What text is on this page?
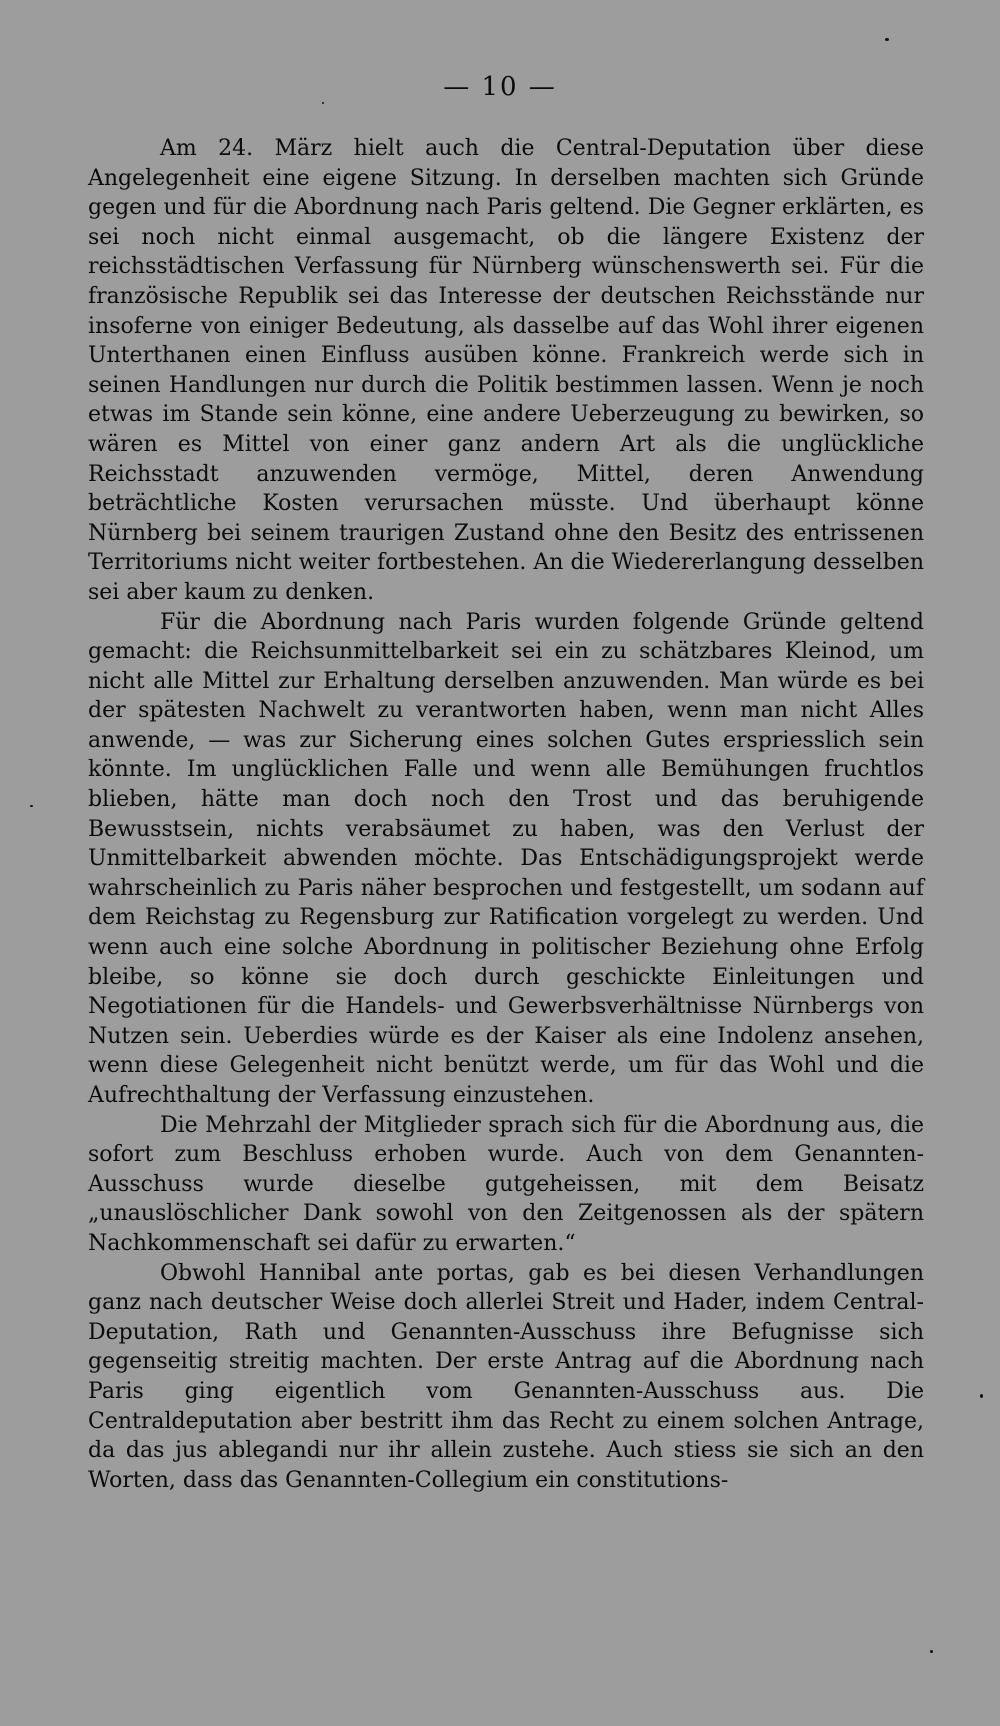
— 10 —

Am 24. März hielt auch die Central-Deputation über diese Angelegenheit eine eigene Sitzung. In derselben machten sich Gründe gegen und für die Abordnung nach Paris geltend. Die Gegner erklärten, es sei noch nicht einmal ausgemacht, ob die längere Existenz der reichsstädtischen Verfassung für Nürnberg wünschenswerth sei. Für die französische Republik sei das Interesse der deutschen Reichsstände nur insoferne von einiger Bedeutung, als dasselbe auf das Wohl ihrer eigenen Unterthanen einen Einfluss ausüben könne. Frankreich werde sich in seinen Handlungen nur durch die Politik bestimmen lassen. Wenn je noch etwas im Stande sein könne, eine andere Ueberzeugung zu bewirken, so wären es Mittel von einer ganz andern Art als die unglückliche Reichsstadt anzuwenden vermöge, Mittel, deren Anwendung beträchtliche Kosten verursachen müsste. Und überhaupt könne Nürnberg bei seinem traurigen Zustand ohne den Besitz des entrissenen Territoriums nicht weiter fortbestehen. An die Wiedererlangung desselben sei aber kaum zu denken.

Für die Abordnung nach Paris wurden folgende Gründe geltend gemacht: die Reichsunmittelbarkeit sei ein zu schätzbares Kleinod, um nicht alle Mittel zur Erhaltung derselben anzuwenden. Man würde es bei der spätesten Nachwelt zu verantworten haben, wenn man nicht Alles anwende, — was zur Sicherung eines solchen Gutes erspriesslich sein könnte. Im unglücklichen Falle und wenn alle Bemühungen fruchtlos blieben, hätte man doch noch den Trost und das beruhigende Bewusstsein, nichts verabsäumet zu haben, was den Verlust der Unmittelbarkeit abwenden möchte. Das Entschädigungsprojekt werde wahrscheinlich zu Paris näher besprochen und festgestellt, um sodann auf dem Reichstag zu Regensburg zur Ratification vorgelegt zu werden. Und wenn auch eine solche Abordnung in politischer Beziehung ohne Erfolg bleibe, so könne sie doch durch geschickte Einleitungen und Negotiationen für die Handels- und Gewerbsverhältnisse Nürnbergs von Nutzen sein. Ueberdies würde es der Kaiser als eine Indolenz ansehen, wenn diese Gelegenheit nicht benützt werde, um für das Wohl und die Aufrechthaltung der Verfassung einzustehen.

Die Mehrzahl der Mitglieder sprach sich für die Abordnung aus, die sofort zum Beschluss erhoben wurde. Auch von dem Genannten-Ausschuss wurde dieselbe gutgeheissen, mit dem Beisatz „unauslöschlicher Dank sowohl von den Zeitgenossen als der spätern Nachkommenschaft sei dafür zu erwarten.“

Obwohl Hannibal ante portas, gab es bei diesen Verhandlungen ganz nach deutscher Weise doch allerlei Streit und Hader, indem Central-Deputation, Rath und Genannten-Ausschuss ihre Befugnisse sich gegenseitig streitig machten. Der erste Antrag auf die Abordnung nach Paris ging eigentlich vom Genannten-Ausschuss aus. Die Centraldeputation aber bestritt ihm das Recht zu einem solchen Antrage, da das jus ablegandi nur ihr allein zustehe. Auch stiess sie sich an den Worten, dass das Genannten-Collegium ein constitutions-
